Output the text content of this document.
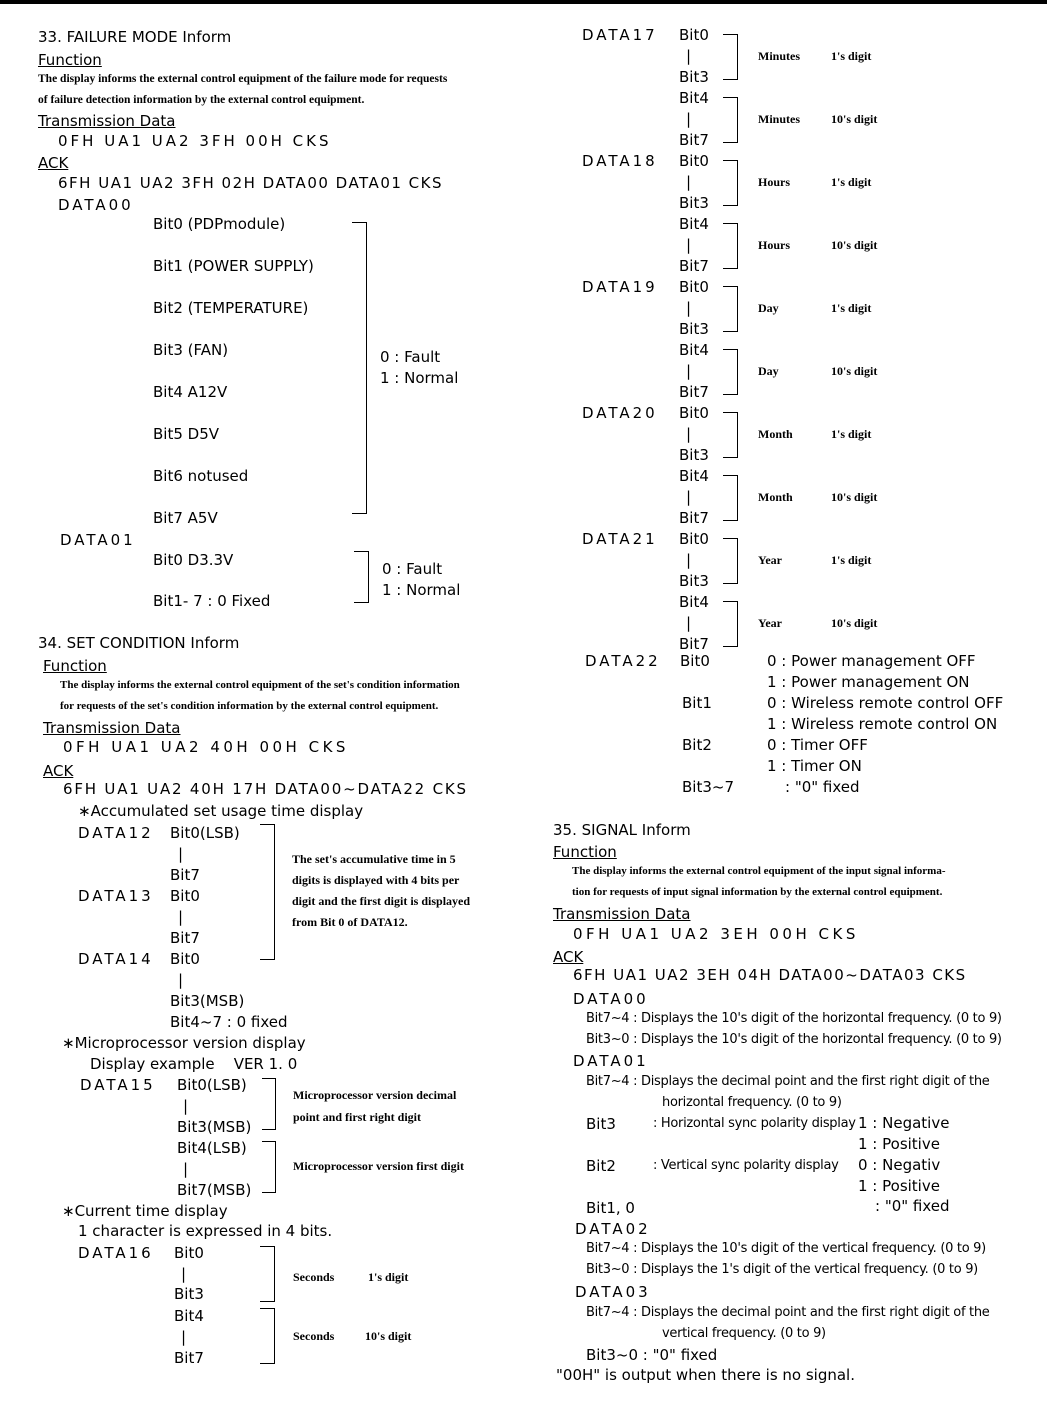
33. FAILURE MODE Inform
Function
The display informs the external control equipment of the failure mode for requests
of failure detection information by the external control equipment.
Transmission Data
0FH UA1 UA2 3FH 00H CKS
ACK
6FH UA1 UA2 3FH 02H DATA00 DATA01 CKS
DATA00
Bit0 (PDPmodule)
Bit1 (POWER SUPPLY)
Bit2 (TEMPERATURE)
Bit3 (FAN)
Bit4 A12V
Bit5 D5V
Bit6 notused
Bit7 A5V
0 : Fault
1 : Normal
DATA01
Bit0 D3.3V
Bit1- 7 : 0 Fixed
0 : Fault
1 : Normal
34. SET CONDITION Inform
Function
The display informs the external control equipment of the set's condition information
for requests of the set's condition information by the external control equipment.
Transmission Data
0FH UA1 UA2 40H 00H CKS
ACK
6FH UA1 UA2 40H 17H DATA00~DATA22 CKS
∗Accumulated set usage time display
DATA12 Bit0(LSB)
|
Bit7
DATA13 Bit0
|
Bit7
DATA14 Bit0
|
Bit3(MSB)
Bit4~7 : 0 fixed
The set's accumulative time in 5
digits is displayed with 4 bits per
digit and the first digit is displayed
from Bit 0 of DATA12.
∗Microprocessor version display
Display example    VER 1. 0
DATA15 Bit0(LSB)
|
Bit3(MSB)
Bit4(LSB)
|
Bit7(MSB)
Microprocessor version decimal
point and first right digit
Microprocessor version first digit
∗Current time display
1 character is expressed in 4 bits.
DATA16 Bit0
|
Bit3
Bit4
|
Bit7
Seconds	1's digit
Seconds	10's digit
DATA17 Bit0
|
Bit3
Bit4
|
Bit7
Minutes	1's digit
Minutes	10's digit
DATA18 Bit0
|
Bit3
Bit4
|
Bit7
Hours	1's digit
Hours	10's digit
DATA19 Bit0
|
Bit3
Bit4
|
Bit7
Day	1's digit
Day	10's digit
DATA20 Bit0
|
Bit3
Bit4
|
Bit7
Month	1's digit
Month	10's digit
DATA21 Bit0
|
Bit3
Bit4
|
Bit7
Year	1's digit
Year	10's digit
DATA22 Bit0	0 : Power management OFF
1 : Power management ON
Bit1	0 : Wireless remote control OFF
1 : Wireless remote control ON
Bit2	0 : Timer OFF
1 : Timer ON
Bit3~7	: "0" fixed
35. SIGNAL Inform
Function
The display informs the external control equipment of the input signal informa-
tion for requests of input signal information by the external control equipment.
Transmission Data
0FH UA1 UA2 3EH 00H CKS
ACK
6FH UA1 UA2 3EH 04H DATA00~DATA03 CKS
DATA00
Bit7~4 : Displays the 10's digit of the horizontal frequency. (0 to 9)
Bit3~0 : Displays the 10's digit of the horizontal frequency. (0 to 9)
DATA01
Bit7~4 : Displays the decimal point and the first right digit of the
horizontal frequency. (0 to 9)
Bit3	: Horizontal sync polarity display 1 : Negative
1 : Positive
Bit2	: Vertical sync polarity display 0 : Negativ
1 : Positive
Bit1, 0	: "0" fixed
DATA02
Bit7~4 : Displays the 10's digit of the vertical frequency. (0 to 9)
Bit3~0 : Displays the 1's digit of the vertical frequency. (0 to 9)
DATA03
Bit7~4 : Displays the decimal point and the first right digit of the
vertical frequency. (0 to 9)
Bit3~0 : "0" fixed
"00H" is output when there is no signal.
